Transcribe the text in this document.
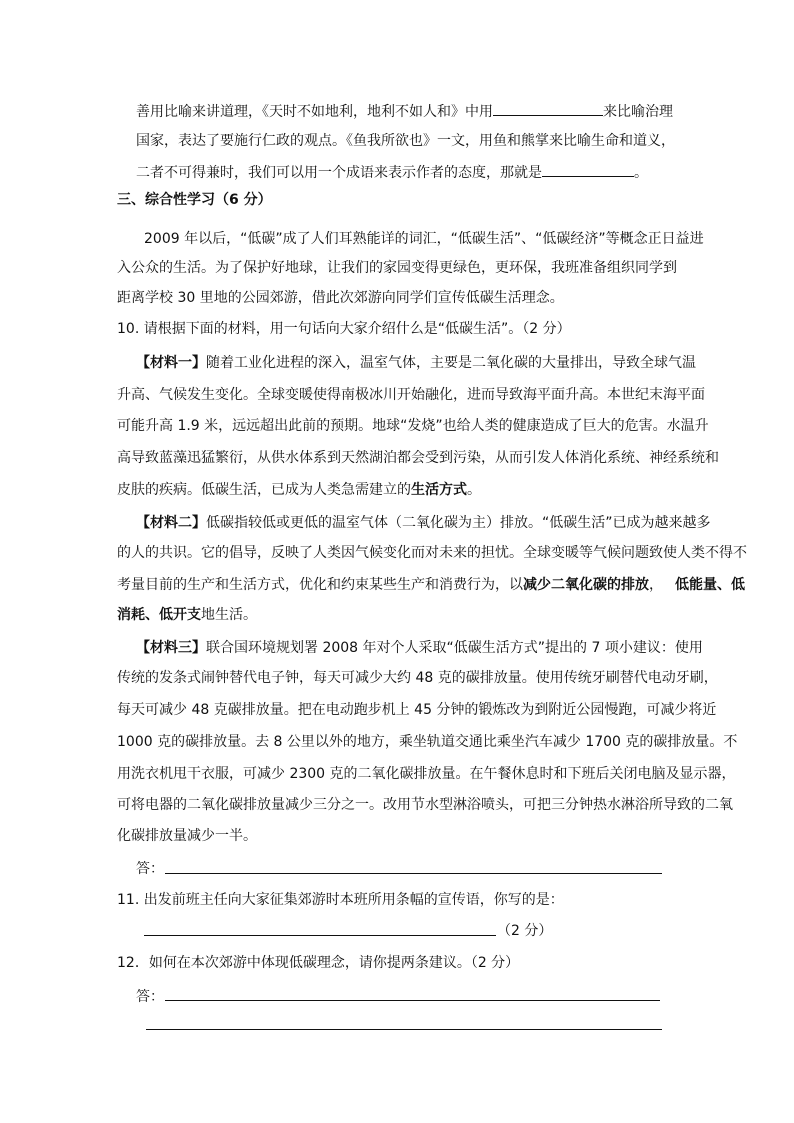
善用比喻来讲道理，《天时不如地利，地利不如人和》中用	来比喻治理
国家，表达了要施行仁政的观点。《鱼我所欲也》一文，用鱼和熊掌来比喻生命和道义，
二者不可得兼时，我们可以用一个成语来表示作者的态度，那就是	。
三、综合性学习（6 分）
2009 年以后，“低碳”成了人们耳熟能详的词汇，“低碳生活”、“低碳经济”等概念正日益进
入公众的生活。为了保护好地球，让我们的家园变得更绿色，更环保，我班准备组织同学到
距离学校 30 里地的公园郊游，借此次郊游向同学们宣传低碳生活理念。
10. 请根据下面的材料，用一句话向大家介绍什么是“低碳生活”。（2 分）
【材料一】随着工业化进程的深入，温室气体，主要是二氧化碳的大量排出，导致全球气温
升高、气候发生变化。全球变暖使得南极冰川开始融化，进而导致海平面升高。本世纪末海平面
可能升高 1.9 米，远远超出此前的预期。地球“发烧”也给人类的健康造成了巨大的危害。水温升
高导致蓝藻迅猛繁衍，从供水体系到天然湖泊都会受到污染，从而引发人体消化系统、神经系统和
皮肤的疾病。低碳生活，已成为人类急需建立的生活方式。
【材料二】低碳指较低或更低的温室气体（二氧化碳为主）排放。“低碳生活”已成为越来越多
的人的共识。它的倡导，反映了人类因气候变化而对未来的担忧。全球变暖等气候问题致使人类不得不
考量目前的生产和生活方式，优化和约束某些生产和消费行为，以减少二氧化碳的排放， 低能量、低
消耗、低开支地生活。
【材料三】联合国环境规划署 2008 年对个人采取“低碳生活方式”提出的 7 项小建议：使用
传统的发条式闹钟替代电子钟，每天可减少大约 48 克的碳排放量。使用传统牙刷替代电动牙刷，
每天可减少 48 克碳排放量。把在电动跑步机上 45 分钟的锻炼改为到附近公园慢跑，可减少将近
1000 克的碳排放量。去 8 公里以外的地方，乘坐轨道交通比乘坐汽车减少 1700 克的碳排放量。不
用洗衣机甩干衣服，可减少 2300 克的二氧化碳排放量。在午餐休息时和下班后关闭电脑及显示器，
可将电器的二氧化碳排放量减少三分之一。改用节水型淋浴喷头，可把三分钟热水淋浴所导致的二氧
化碳排放量减少一半。
答：
11. 出发前班主任向大家征集郊游时本班所用条幅的宣传语，你写的是：
（2 分）
12．如何在本次郊游中体现低碳理念，请你提两条建议。（2 分）
答：
